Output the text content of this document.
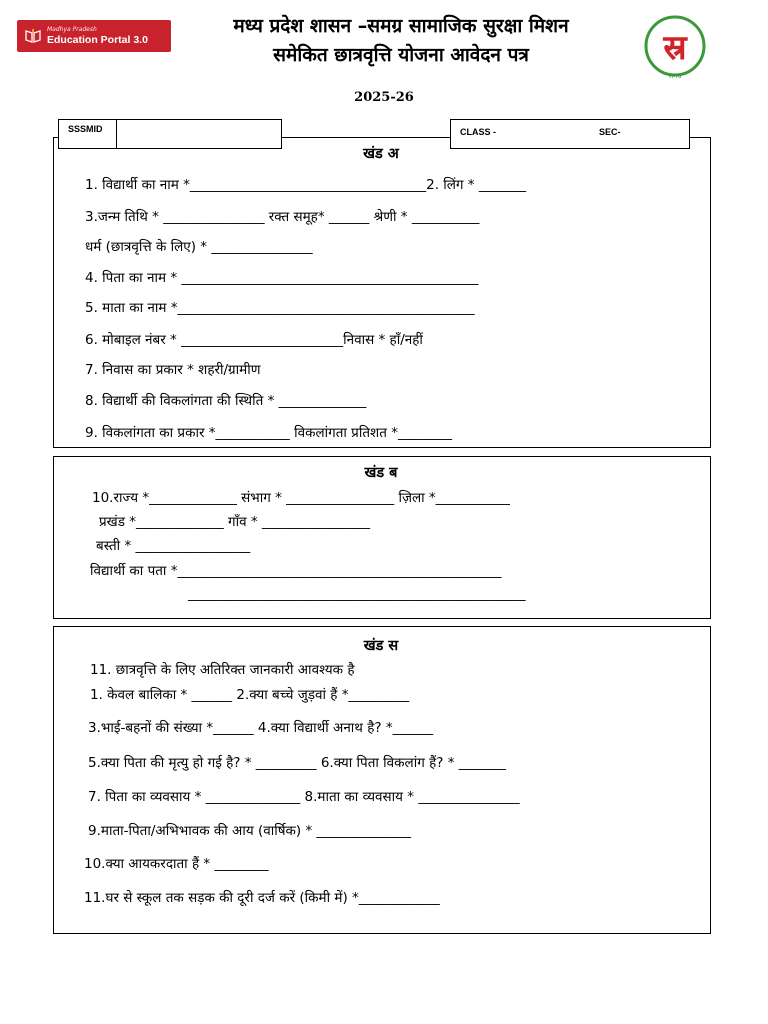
Madhya Pradesh
Education Portal 3.0
मध्य प्रदेश शासन –समग्र सामाजिक सुरक्षा मिशन
समेकित छात्रवृत्ति योजना आवेदन पत्र	स्र
समग्र
2025-26
SSSMID	CLASS -	SEC-
खंड अ
1. विद्यार्थी का नाम *___________________________________2. लिंग * _______
3.जन्म तिथि * _______________ रक्त समूह* ______ श्रेणी * __________
धर्म (छात्रवृत्ति के लिए) * _______________
4. पिता का नाम * ____________________________________________
5. माता का नाम *____________________________________________
6. मोबाइल नंबर * ________________________निवास * हाँ/नहीं
7. निवास का प्रकार * शहरी/ग्रामीण
8. विद्यार्थी की विकलांगता की स्थिति * _____________
9. विकलांगता का प्रकार *___________ विकलांगता प्रतिशत *________
खंड ब
10.राज्य *_____________ संभाग * ________________ ज़िला *___________
प्रखंड *_____________ गाँव * ________________
बस्ती * _________________
विद्यार्थी का पता *________________________________________________
__________________________________________________
खंड स
11. छात्रवृत्ति के लिए अतिरिक्त जानकारी आवश्यक है
1. केवल बालिका * ______ 2.क्या बच्चे जुड़वां हैं *_________
3.भाई-बहनों की संख्या *______ 4.क्या विद्यार्थी अनाथ है? *______
5.क्या पिता की मृत्यु हो गई है? * _________ 6.क्या पिता विकलांग हैं? * _______
7. पिता का व्यवसाय * ______________ 8.माता का व्यवसाय * _______________
9.माता-पिता/अभिभावक की आय (वार्षिक) * ______________
10.क्या आयकरदाता हैं * ________
11.घर से स्कूल तक सड़क की दूरी दर्ज करें (किमी में) *____________
